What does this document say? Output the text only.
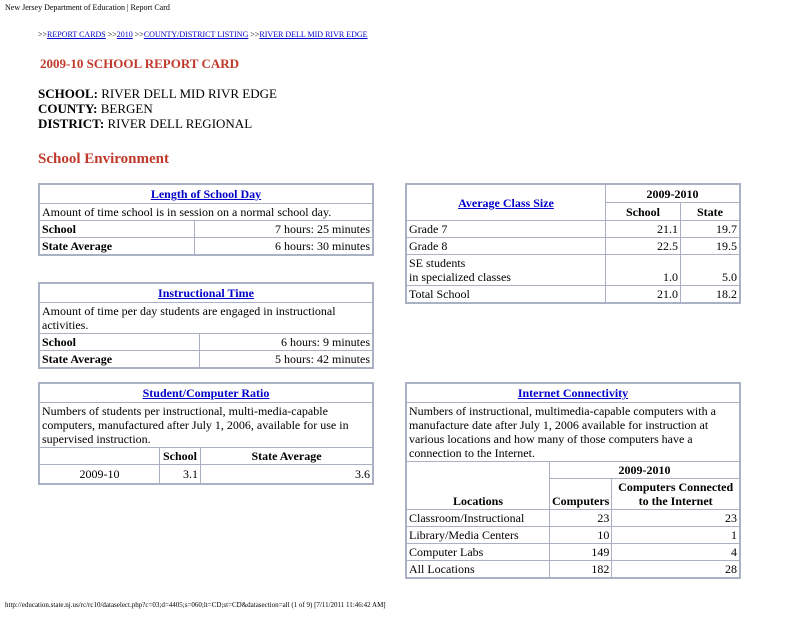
New Jersey Department of Education | Report Card
>>REPORT CARDS >>2010 >>COUNTY/DISTRICT LISTING >>RIVER DELL MID RIVR EDGE
2009-10 SCHOOL REPORT CARD
SCHOOL: RIVER DELL MID RIVR EDGE
COUNTY: BERGEN
DISTRICT: RIVER DELL REGIONAL
School Environment
Length of School Day	
Amount of time school is in session on a normal school day.	
School	7 hours: 25 minutes
State Average	6 hours: 30 minutes
Instructional Time	
Amount of time per day students are engaged in instructional activities.	
School	6 hours: 9 minutes
State Average	5 hours: 42 minutes
Student/Computer Ratio		
Numbers of students per instructional, multi-media-capable computers, manufactured after July 1, 2006, available for use in supervised instruction.		
	School	State Average
2009-10	3.1	3.6
Average Class Size	2009-2010	
	School	State
Grade 7	21.1	19.7
Grade 8	22.5	19.5

SE students
in specialized classes	1.0	5.0
Total School	21.0	18.2
Internet Connectivity		
Numbers of instructional, multimedia-capable computers with a manufacture date after July 1, 2006 available for instruction at various locations and how many of those computers have a connection to the Internet.		
Locations	2009-2010	
	Computers	Computers Connected to the Internet
Classroom/Instructional	23	23
Library/Media Centers	10	1
Computer Labs	149	4
All Locations	182	28
http://education.state.nj.us/rc/rc10/dataselect.php?c=03;d=4405;s=060;lt=CD;st=CD&datasection=all (1 of 9) [7/11/2011 11:46:42 AM]
